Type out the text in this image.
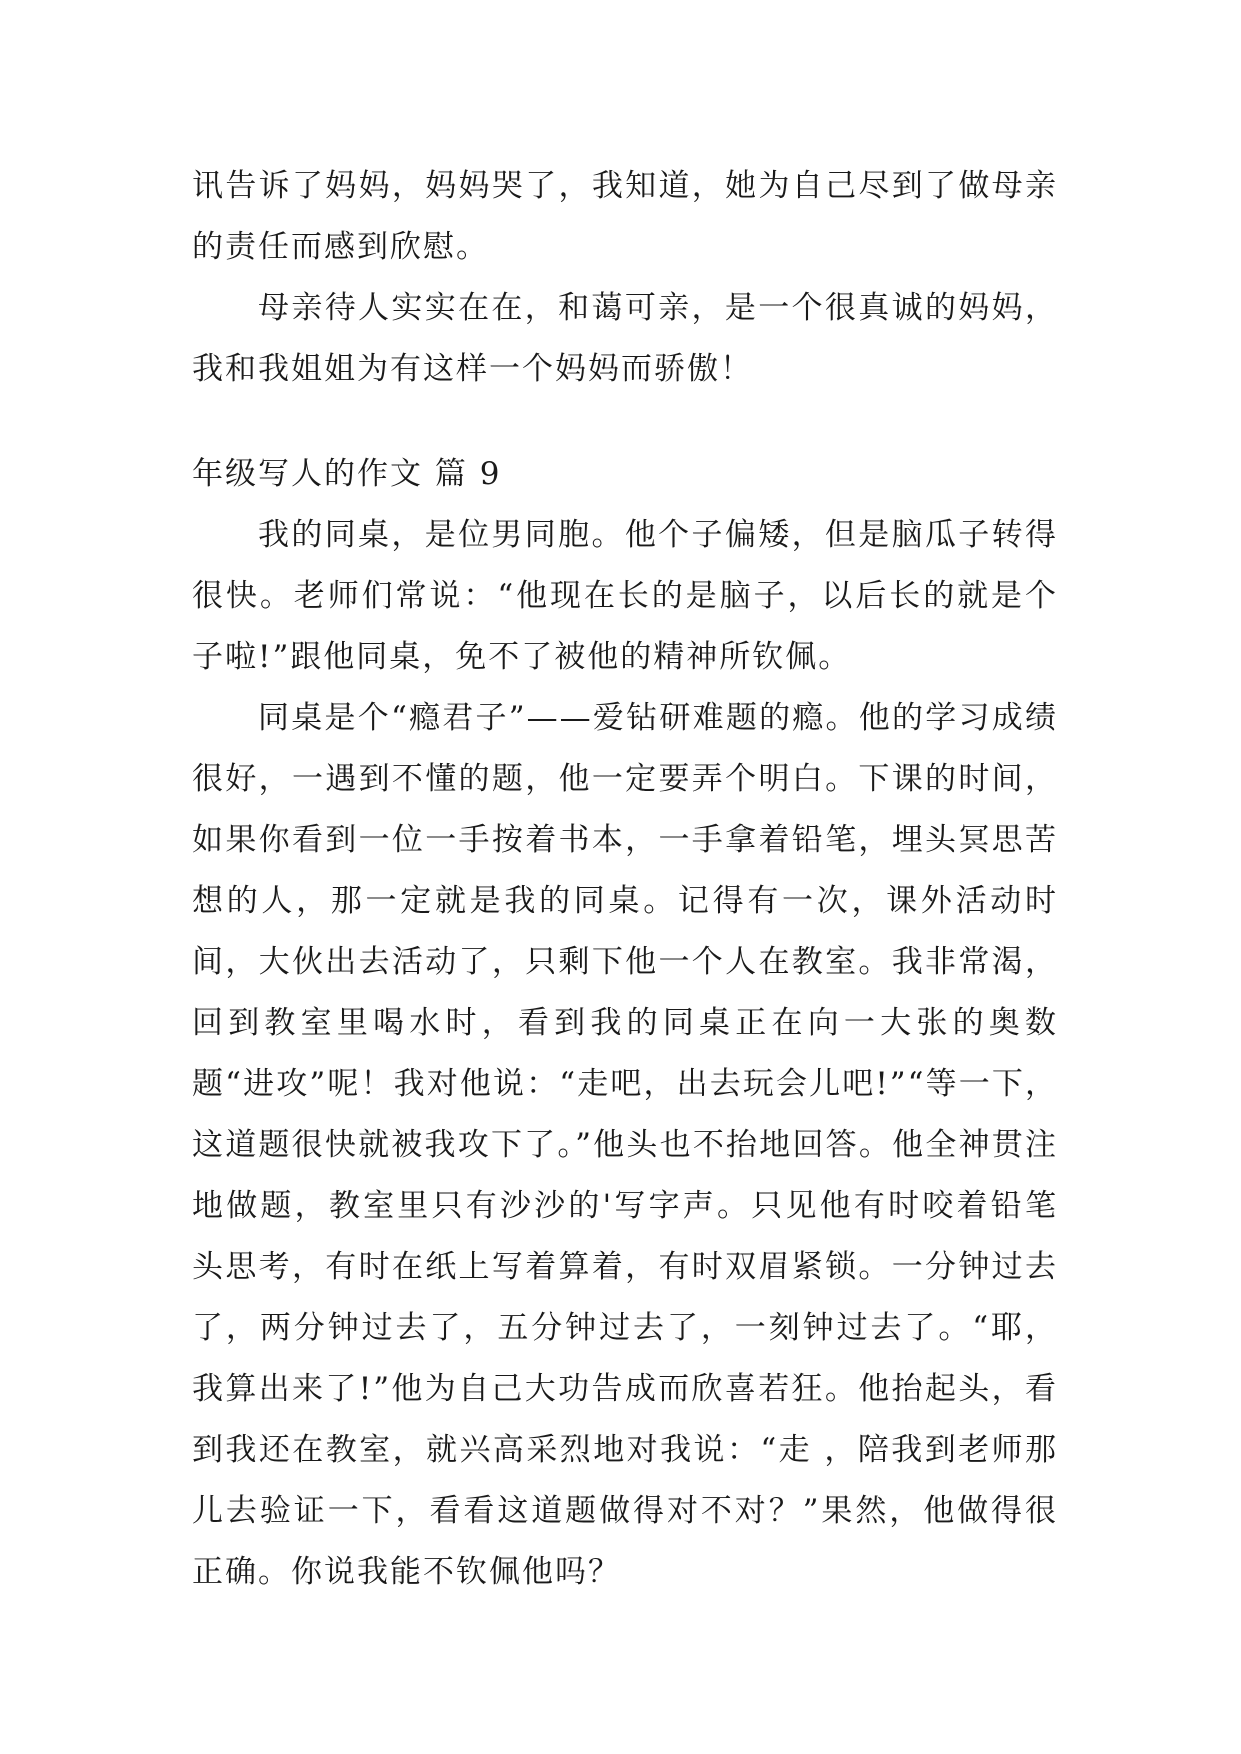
讯告诉了妈妈，妈妈哭了，我知道，她为自己尽到了做母亲的责任而感到欣慰。

母亲待人实实在在，和蔼可亲，是一个很真诚的妈妈，我和我姐姐为有这样一个妈妈而骄傲！

年级写人的作文 篇 9

我的同桌，是位男同胞。他个子偏矮，但是脑瓜子转得很快。老师们常说：“他现在长的是脑子，以后长的就是个子啦!”跟他同桌，免不了被他的精神所钦佩。

同桌是个“瘾君子”——爱钻研难题的瘾。他的学习成绩很好，一遇到不懂的题，他一定要弄个明白。下课的时间，如果你看到一位一手按着书本，一手拿着铅笔，埋头冥思苦想的人，那一定就是我的同桌。记得有一次，课外活动时间，大伙出去活动了，只剩下他一个人在教室。我非常渴，回到教室里喝水时，看到我的同桌正在向一大张的奥数题“进攻”呢！我对他说：“走吧，出去玩会儿吧!”“等一下， 这道题很快就被我攻下了。”他头也不抬地回答。他全神贯注地做题，教室里只有沙沙的'写字声。只见他有时咬着铅笔头思考，有时在纸上写着算着，有时双眉紧锁。一分钟过去了，两分钟过去了，五分钟过去了，一刻钟过去了。“耶，我算出来了!”他为自己大功告成而欣喜若狂。他抬起头，看到我还在教室，就兴高采烈地对我说：“走 ，陪我到老师那儿去验证一下，看看这道题做得对不对？”果然，他做得很正确。你说我能不钦佩他吗？
